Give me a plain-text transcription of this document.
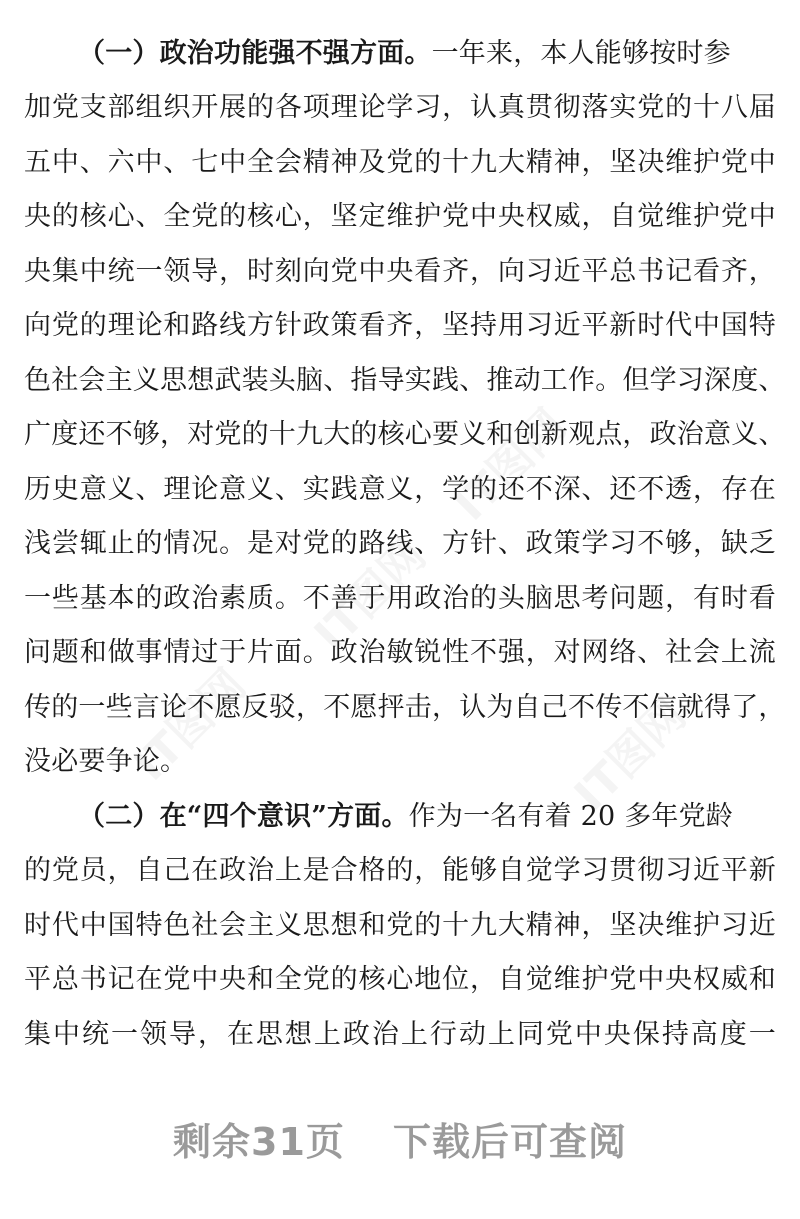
（一）政治功能强不强方面。一年来，本人能够按时参
加党支部组织开展的各项理论学习，认真贯彻落实党的十八届
五中、六中、七中全会精神及党的十九大精神，坚决维护党中
央的核心、全党的核心，坚定维护党中央权威，自觉维护党中
央集中统一领导，时刻向党中央看齐，向习近平总书记看齐，
向党的理论和路线方针政策看齐，坚持用习近平新时代中国特
色社会主义思想武装头脑、指导实践、推动工作。但学习深度、
广度还不够，对党的十九大的核心要义和创新观点，政治意义、
历史意义、理论意义、实践意义，学的还不深、还不透，存在
浅尝辄止的情况。是对党的路线、方针、政策学习不够，缺乏
一些基本的政治素质。不善于用政治的头脑思考问题，有时看
问题和做事情过于片面。政治敏锐性不强，对网络、社会上流
传的一些言论不愿反驳，不愿抨击，认为自己不传不信就得了，
没必要争论。
（二）在“四个意识”方面。作为一名有着 20 多年党龄
的党员，自己在政治上是合格的，能够自觉学习贯彻习近平新
时代中国特色社会主义思想和党的十九大精神，坚决维护习近
平总书记在党中央和全党的核心地位，自觉维护党中央权威和
集中统一领导，在思想上政治上行动上同党中央保持高度一
剩余31页 下载后可查阅
